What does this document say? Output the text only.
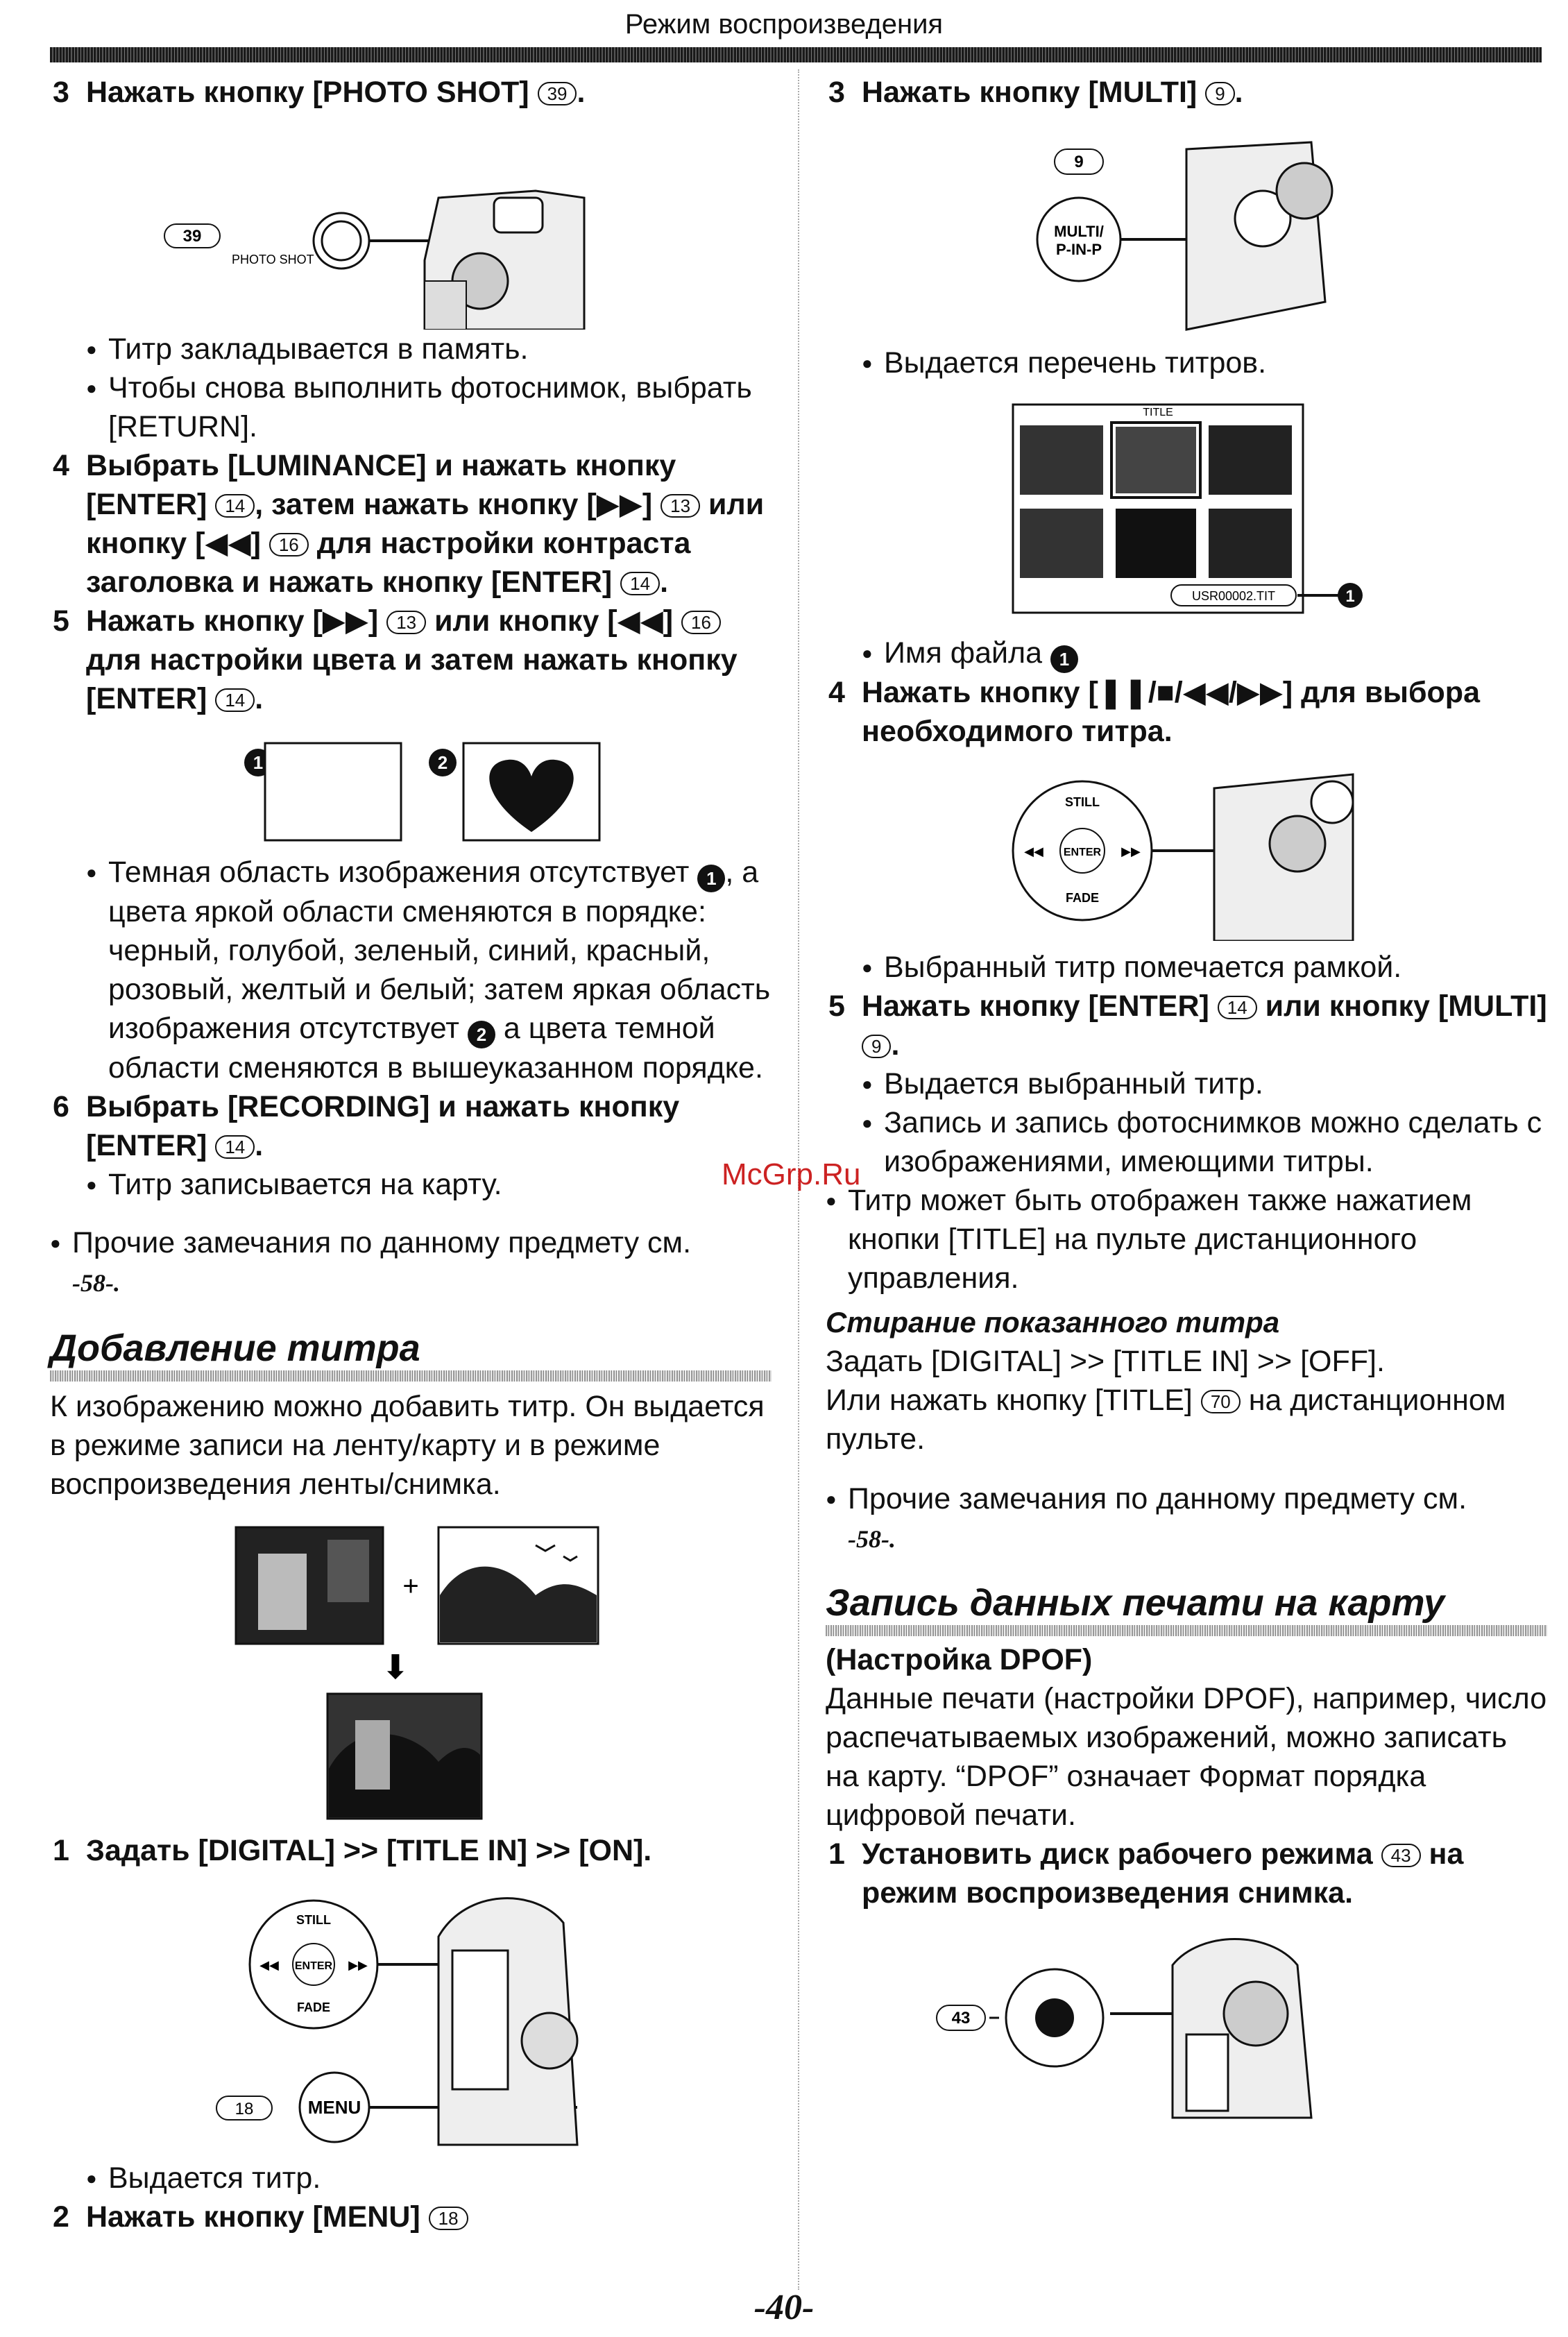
Режим воспроизведения

3 Нажать кнопку [PHOTO SHOT] 39 .

39
PHOTO SHOT

● Титр закладывается в память.

● Чтобы снова выполнить фотоснимок, выбрать [RETURN].

4 Выбрать [LUMINANCE] и нажать кнопку [ENTER] 14 , затем нажать кнопку [▶▶] 13 или кнопку [◀◀] 16 для настройки контраста заголовка и нажать кнопку [ENTER] 14 .

5 Нажать кнопку [▶▶] 13 или кнопку [◀◀] 16 для настройки цвета и затем нажать кнопку [ENTER] 14 .

1	2

● Темная область изображения отсутствует 1 , а цвета яркой области сменяются в порядке: черный, голубой, зеленый, синий, красный, розовый, желтый и белый; затем яркая область изображения отсутствует 2 а цвета темной области сменяются в вышеуказанном порядке.

6 Выбрать [RECORDING] и нажать кнопку [ENTER] 14 .

● Титр записывается на карту.

● Прочие замечания по данному предмету см.
-58-.

Добавление титра

К изображению можно добавить титр. Он выдается в режиме записи на ленту/карту и в режиме воспроизведения ленты/снимка.

+
⬇

1 Задать [DIGITAL] >> [TITLE IN] >> [ON].

STILL
ENTER
FADE
◀◀	▶▶
MENU
18

● Выдается титр.

2 Нажать кнопку [MENU] 18

3 Нажать кнопку [MULTI] 9 .

9
MULTI/
P-IN-P

● Выдается перечень титров.

TITLE
USR00002.TIT	1

● Имя файла 1

4 Нажать кнопку [❚❚/■/◀◀/▶▶] для выбора необходимого титра.

STILL
ENTER
FADE
◀◀	▶▶

● Выбранный титр помечается рамкой.

5 Нажать кнопку [ENTER] 14 или кнопку [MULTI] 9 .

● Выдается выбранный титр.

● Запись и запись фотоснимков можно сделать с изображениями, имеющими титры.

● Титр может быть отображен также нажатием кнопки [TITLE] на пульте дистанционного управления.

Стирание показанного титра

Задать [DIGITAL] >> [TITLE IN] >> [OFF].

Или нажать кнопку [TITLE] 70 на дистанционном пульте.

● Прочие замечания по данному предмету см.
-58-.

Запись данных печати на карту

(Настройка DPOF)

Данные печати (настройки DPOF), например, число распечатываемых изображений, можно записать на карту. “DPOF” означает Формат порядка цифровой печати.

1 Установить диск рабочего режима 43 на режим воспроизведения снимка.

43
McGrp.Ru
-40-
